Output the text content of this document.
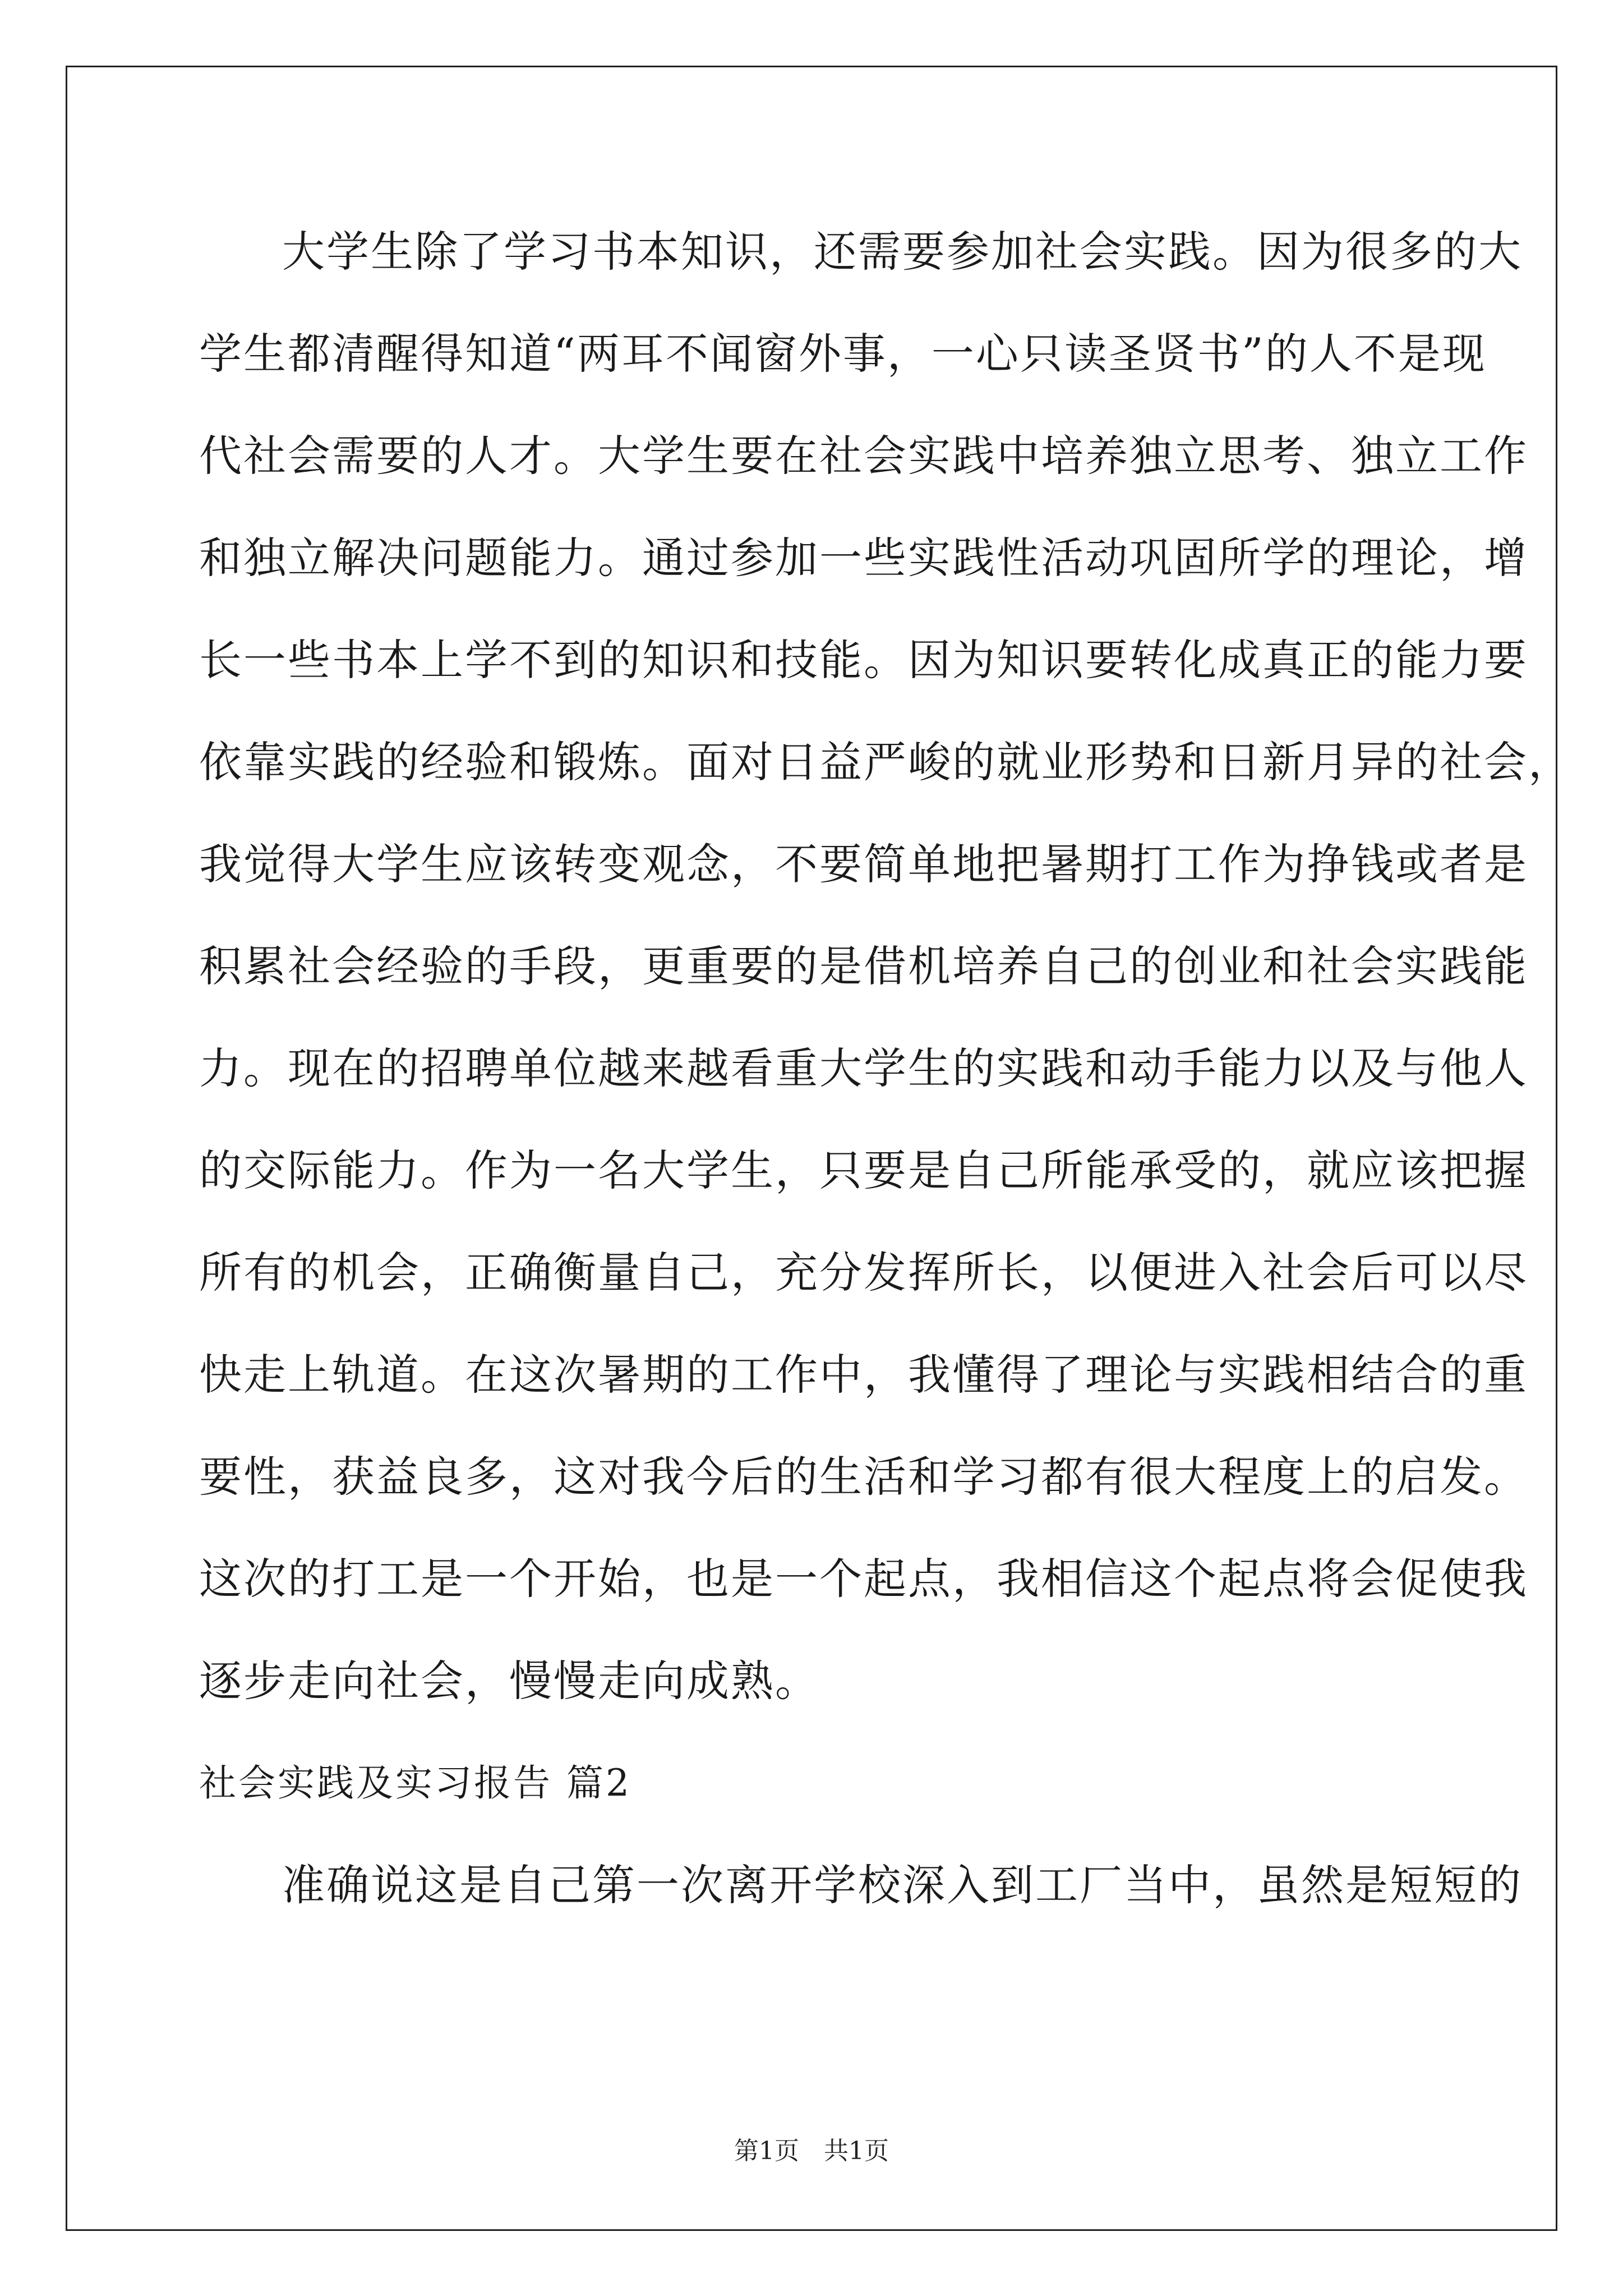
大学生除了学习书本知识，还需要参加社会实践。因为很多的大
学生都清醒得知道“两耳不闻窗外事，一心只读圣贤书”的人不是现
代社会需要的人才。大学生要在社会实践中培养独立思考、独立工作
和独立解决问题能力。通过参加一些实践性活动巩固所学的理论，增
长一些书本上学不到的知识和技能。因为知识要转化成真正的能力要
依靠实践的经验和锻炼。面对日益严峻的就业形势和日新月异的社会，
我觉得大学生应该转变观念，不要简单地把暑期打工作为挣钱或者是
积累社会经验的手段，更重要的是借机培养自己的创业和社会实践能
力。现在的招聘单位越来越看重大学生的实践和动手能力以及与他人
的交际能力。作为一名大学生，只要是自己所能承受的，就应该把握
所有的机会，正确衡量自己，充分发挥所长，以便进入社会后可以尽
快走上轨道。在这次暑期的工作中，我懂得了理论与实践相结合的重
要性，获益良多，这对我今后的生活和学习都有很大程度上的启发。
这次的打工是一个开始，也是一个起点，我相信这个起点将会促使我
逐步走向社会，慢慢走向成熟。
社会实践及实习报告 篇2
准确说这是自己第一次离开学校深入到工厂当中，虽然是短短的
第1页　共1页
